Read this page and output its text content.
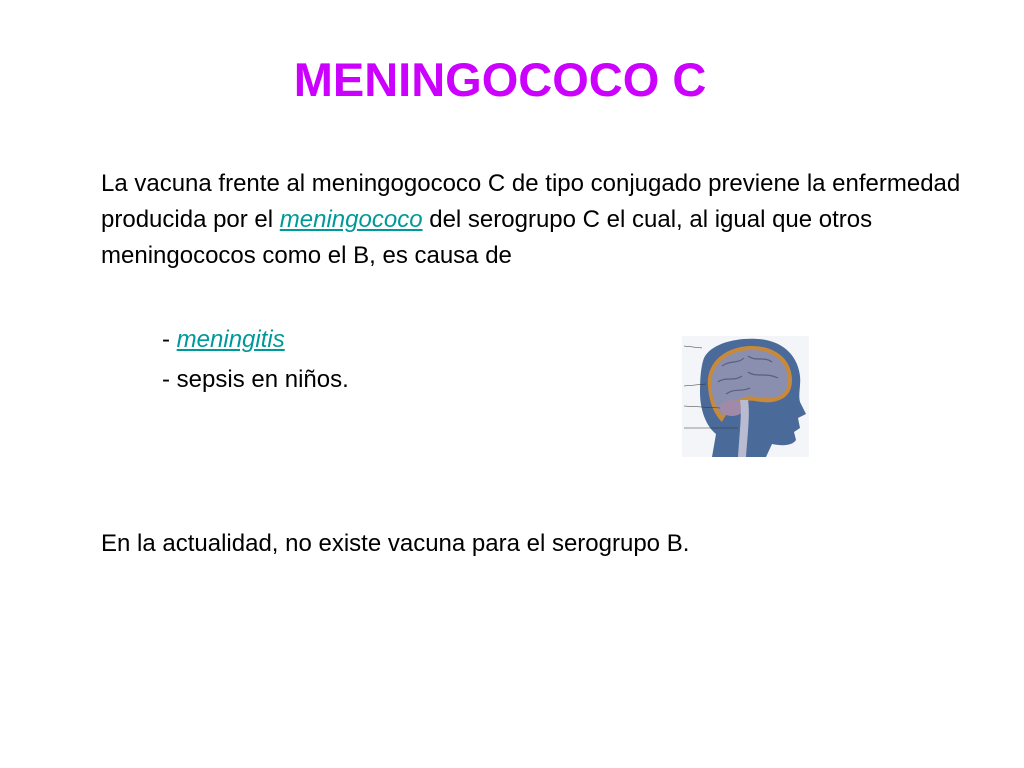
MENINGOCOCO C

La vacuna frente al meningogococo C de tipo conjugado previene la enfermedad producida por el meningococo del serogrupo C el cual, al igual que otros meningococos como el B, es causa de

- meningitis
- sepsis en niños.

En la actualidad, no existe vacuna para el serogrupo B.
